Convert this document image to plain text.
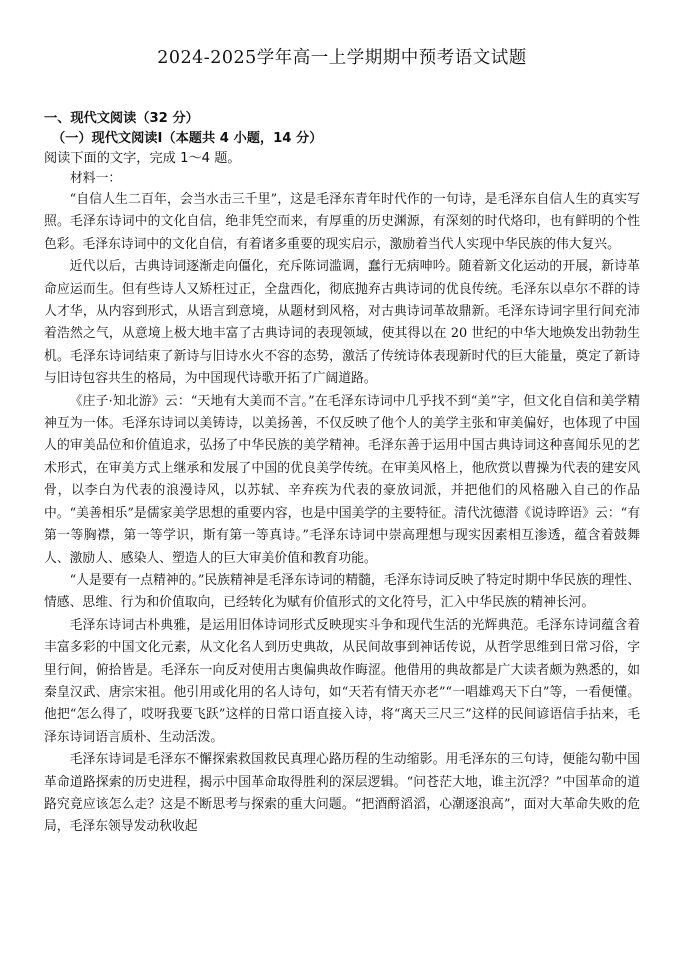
2024-2025学年高一上学期期中预考语文试题

一、现代文阅读（32 分）

（一）现代文阅读Ⅰ（本题共 4 小题，14 分）

阅读下面的文字，完成 1～4 题。

材料一：

“自信人生二百年，会当水击三千里”，这是毛泽东青年时代作的一句诗，是毛泽东自信人生的真实写照。毛泽东诗词中的文化自信，绝非凭空而来，有厚重的历史渊源，有深刻的时代烙印，也有鲜明的个性色彩。毛泽东诗词中的文化自信，有着诸多重要的现实启示，激励着当代人实现中华民族的伟大复兴。

近代以后，古典诗词逐渐走向僵化，充斥陈词滥调，蠢行无病呻吟。随着新文化运动的开展，新诗革命应运而生。但有些诗人又矫枉过正，全盘西化，彻底抛弃古典诗词的优良传统。毛泽东以卓尔不群的诗人才华，从内容到形式，从语言到意境，从题材到风格，对古典诗词革故鼎新。毛泽东诗词字里行间充沛着浩然之气，从意境上极大地丰富了古典诗词的表现领域，使其得以在 20 世纪的中华大地焕发出勃勃生机。毛泽东诗词结束了新诗与旧诗水火不容的态势，激活了传统诗体表现新时代的巨大能量，奠定了新诗与旧诗包容共生的格局，为中国现代诗歌开拓了广阔道路。

《庄子·知北游》云：“天地有大美而不言。”在毛泽东诗词中几乎找不到“美”字，但文化自信和美学精神互为一体。毛泽东诗词以美铸诗，以美扬善，不仅反映了他个人的美学主张和审美偏好，也体现了中国人的审美品位和价值追求，弘扬了中华民族的美学精神。毛泽东善于运用中国古典诗词这种喜闻乐见的艺术形式，在审美方式上继承和发展了中国的优良美学传统。在审美风格上，他欣赏以曹操为代表的建安风骨，以李白为代表的浪漫诗风，以苏轼、辛弃疾为代表的豪放词派，并把他们的风格融入自己的作品中。“美善相乐”是儒家美学思想的重要内容，也是中国美学的主要特征。清代沈德潜《说诗晬语》云：“有第一等胸襟，第一等学识，斯有第一等真诗。”毛泽东诗词中崇高理想与现实因素相互渗透，蕴含着鼓舞人、激励人、感染人、塑造人的巨大审美价值和教育功能。

“人是要有一点精神的。”民族精神是毛泽东诗词的精髓，毛泽东诗词反映了特定时期中华民族的理性、情感、思维、行为和价值取向，已经转化为赋有价值形式的文化符号，汇入中华民族的精神长河。

毛泽东诗词古朴典雅，是运用旧体诗词形式反映现实斗争和现代生活的光辉典范。毛泽东诗词蕴含着丰富多彩的中国文化元素，从文化名人到历史典故，从民间故事到神话传说，从哲学思维到日常习俗，字里行间，俯拾皆是。毛泽东一向反对使用古奥偏典故作晦涩。他借用的典故都是广大读者颇为熟悉的，如秦皇汉武、唐宗宋祖。他引用或化用的名人诗句，如“天若有情天亦老”“一唱雄鸡天下白”等，一看便懂。他把“怎么得了，哎呀我要飞跃”这样的日常口语直接入诗，将“离天三尺三”这样的民间谚语信手拈来，毛泽东诗词语言质朴、生动活泼。

毛泽东诗词是毛泽东不懈探索救国救民真理心路历程的生动缩影。用毛泽东的三句诗，便能勾勒中国革命道路探索的历史进程，揭示中国革命取得胜利的深层逻辑。“问苍茫大地，谁主沉浮？”中国革命的道路究竟应该怎么走？这是不断思考与探索的重大问题。“把酒酹滔滔，心潮逐浪高”，面对大革命失败的危局，毛泽东领导发动秋收起
